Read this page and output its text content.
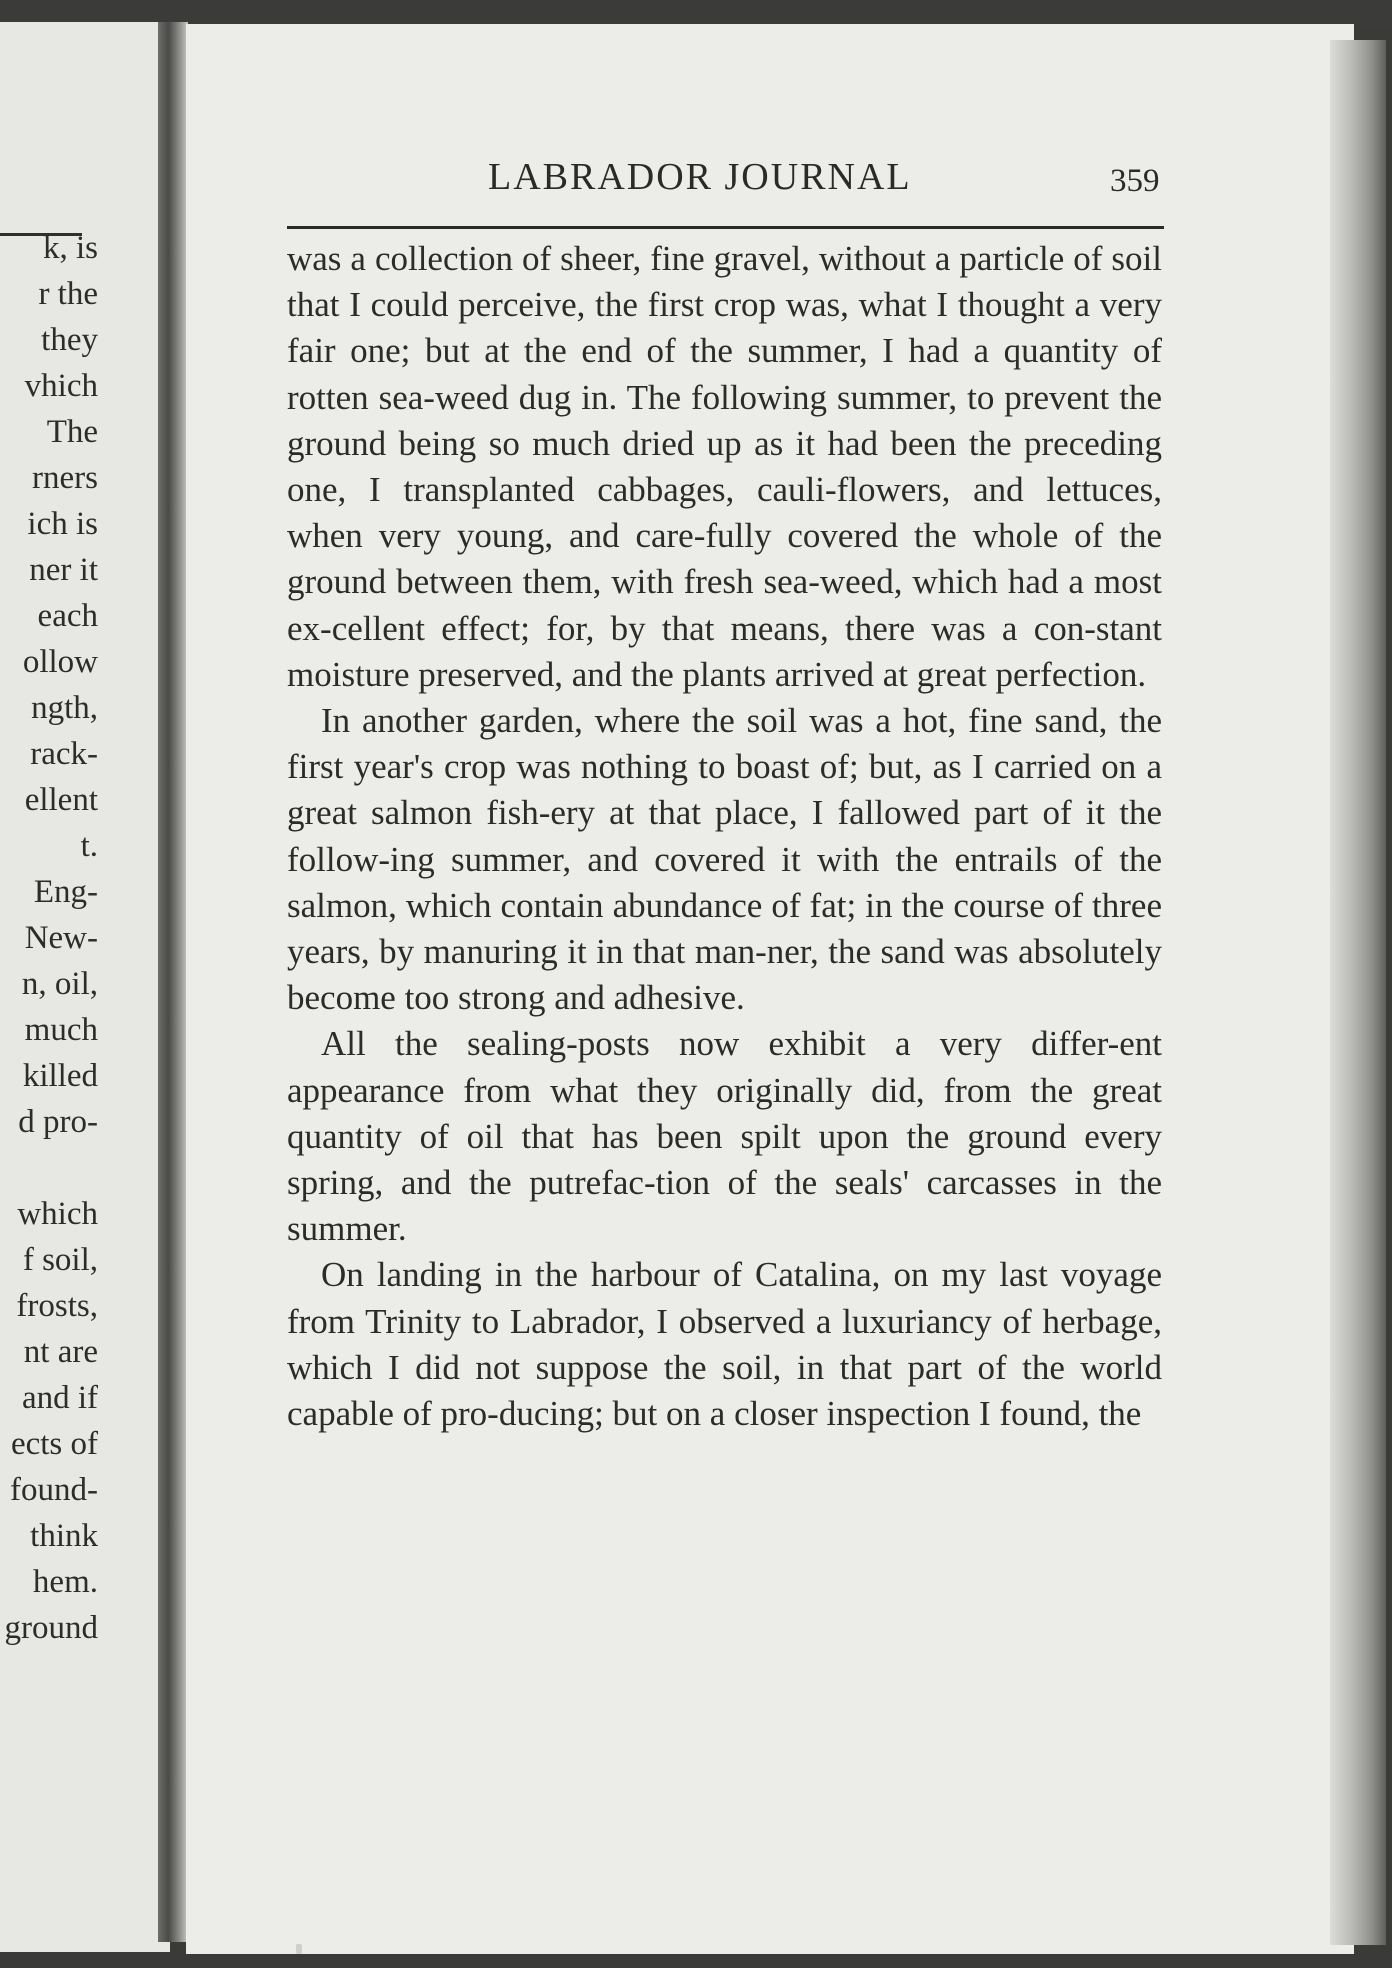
k, is
r the
they
vhich
The
rners
ich is
ner it
each
ollow
ngth,
rack-
ellent
t.
Eng-
New-
n, oil,
much
killed
d pro-
which
f soil,
frosts,
nt are
and if
ects of
found-
think
hem.
ground
LABRADOR JOURNAL	359

was a collection of sheer, fine gravel, without a particle of soil that I could perceive, the first crop was, what I thought a very fair one; but at the end of the summer, I had a quantity of rotten sea-weed dug in. The following summer, to prevent the ground being so much dried up as it had been the preceding one, I transplanted cabbages, cauli-flowers, and lettuces, when very young, and care-fully covered the whole of the ground between them, with fresh sea-weed, which had a most ex-cellent effect; for, by that means, there was a con-stant moisture preserved, and the plants arrived at great perfection.

In another garden, where the soil was a hot, fine sand, the first year's crop was nothing to boast of; but, as I carried on a great salmon fish-ery at that place, I fallowed part of it the follow-ing summer, and covered it with the entrails of the salmon, which contain abundance of fat; in the course of three years, by manuring it in that man-ner, the sand was absolutely become too strong and adhesive.

All the sealing-posts now exhibit a very differ-ent appearance from what they originally did, from the great quantity of oil that has been spilt upon the ground every spring, and the putrefac-tion of the seals' carcasses in the summer.

On landing in the harbour of Catalina, on my last voyage from Trinity to Labrador, I observed a luxuriancy of herbage, which I did not suppose the soil, in that part of the world capable of pro-ducing; but on a closer inspection I found, the
